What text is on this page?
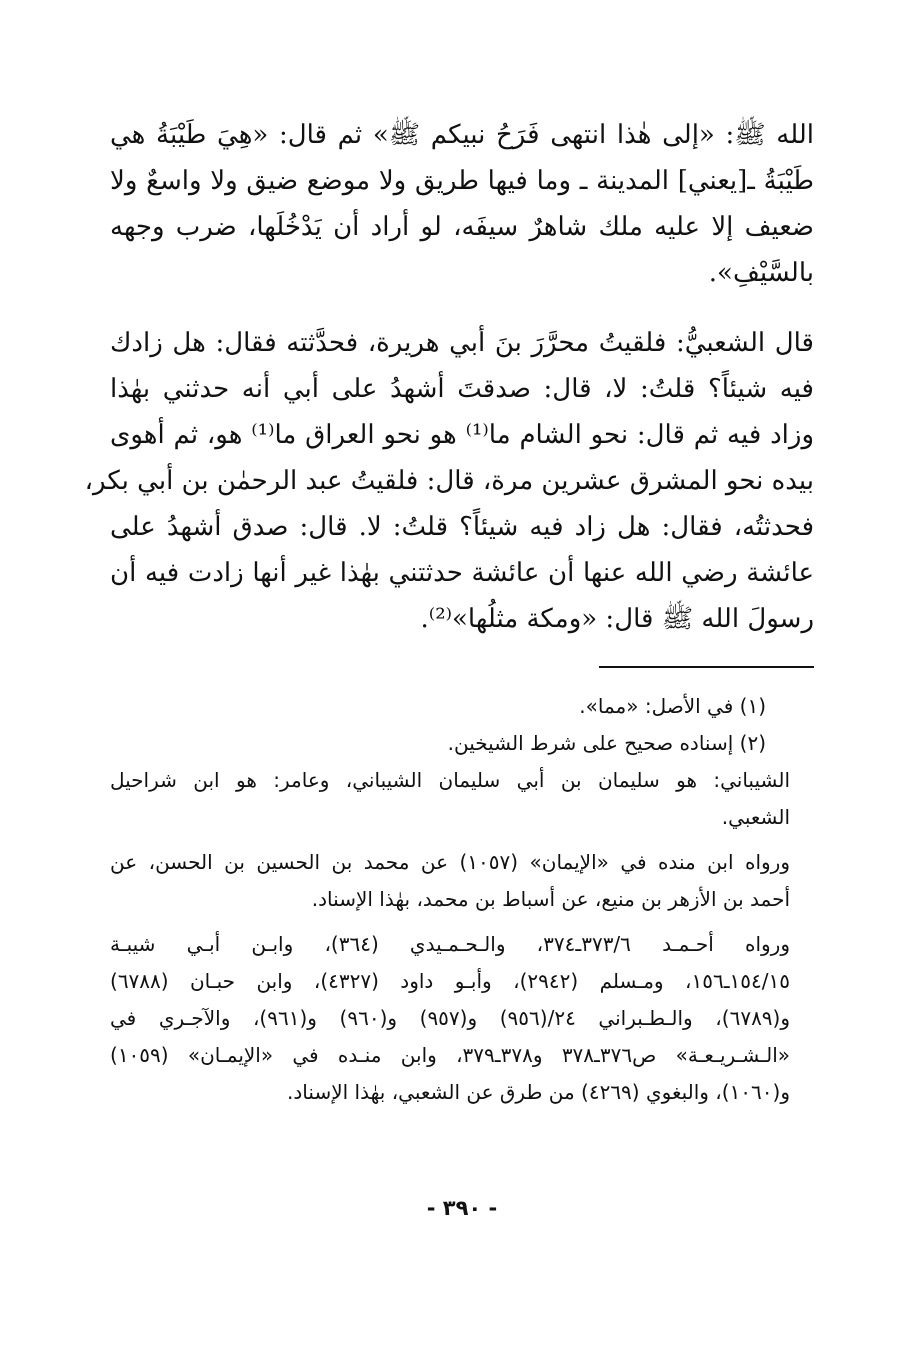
الله ﷺ: «إلى هٰذا انتهى فَرَحُ نبيكم ﷺ» ثم قال: «هِيَ طَيْبَةُ هي
طَيْبَةُ ـ[يعني] المدينة ـ وما فيها طريق ولا موضع ضيق ولا واسعٌ ولا
ضعيف إلا عليه ملك شاهرٌ سيفَه، لو أراد أن يَدْخُلَها، ضرب وجهه
بالسَّيْفِ».
قال الشعبيُّ: فلقيتُ محرَّرَ بنَ أبي هريرة، فحدَّثته فقال: هل زادك
فيه شيئاً؟ قلتُ: لا، قال: صدقتَ أشهدُ على أبي أنه حدثني بهٰذا
وزاد فيه ثم قال: نحو الشام ما⁽¹⁾ هو نحو العراق ما⁽¹⁾ هو، ثم أهوى
بيده نحو المشرق عشرين مرة، قال: فلقيتُ عبد الرحمٰن بن أبي بكر،
فحدثتُه، فقال: هل زاد فيه شيئاً؟ قلتُ: لا. قال: صدق أشهدُ على
عائشة رضي الله عنها أن عائشة حدثتني بهٰذا غير أنها زادت فيه أن
رسولَ الله ﷺ قال: «ومكة مثلُها»⁽²⁾.
(١) في الأصل: «مما».
(٢) إسناده صحيح على شرط الشيخين.
الشيباني: هو سليمان بن أبي سليمان الشيباني، وعامر: هو ابن شراحيل
الشعبي.
ورواه ابن منده في «الإيمان» (١٠٥٧) عن محمد بن الحسين بن الحسن، عن
أحمد بن الأزهر بن منيع، عن أسباط بن محمد، بهٰذا الإسناد.
ورواه أحـمـد ٣٧٣/٦ـ٣٧٤، والـحـمـيدي (٣٦٤)، وابـن أبـي شيبـة
١٥٤/١٥ـ١٥٦، ومـسلم (٢٩٤٢)، وأبـو داود (٤٣٢٧)، وابن حبـان (٦٧٨٨)
و(٦٧٨٩)، والـطـبراني ٢٤/(٩٥٦) و(٩٥٧) و(٩٦٠) و(٩٦١)، والآجـري في
«الـشـريـعـة» ص٣٧٦ـ٣٧٨ و٣٧٨ـ٣٧٩، وابن منـده في «الإيمـان» (١٠٥٩)
و(١٠٦٠)، والبغوي (٤٢٦٩) من طرق عن الشعبي، بهٰذا الإسناد.
- ٣٩٠ -
